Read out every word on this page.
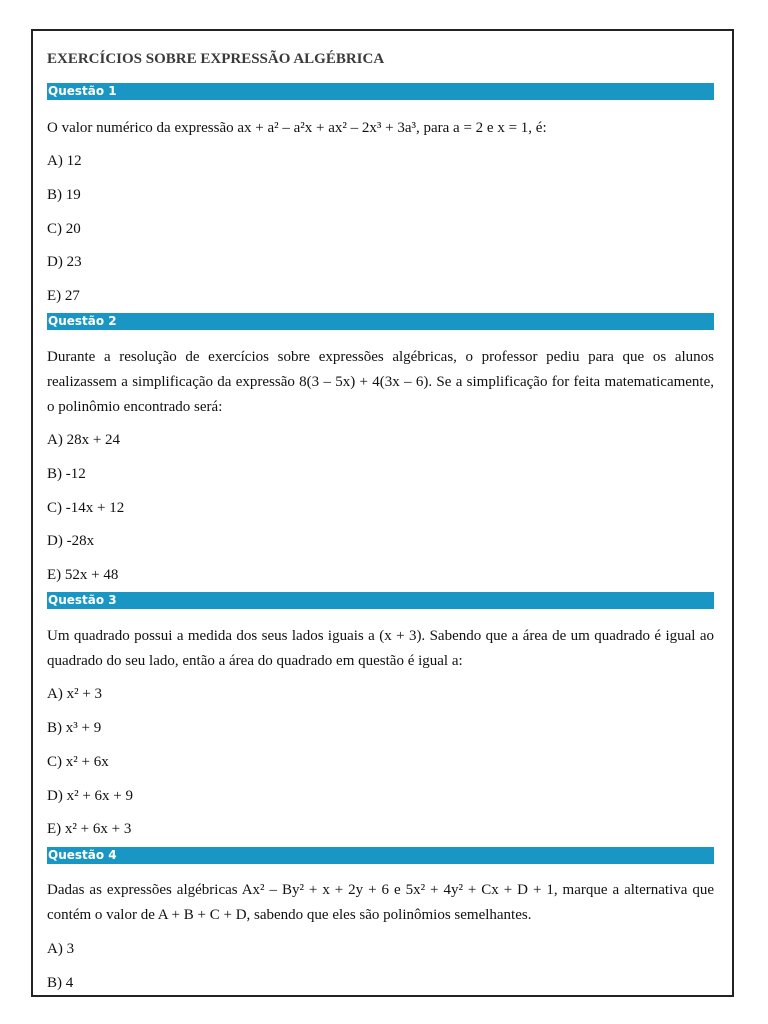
EXERCÍCIOS SOBRE EXPRESSÃO ALGÉBRICA
Questão 1
O valor numérico da expressão ax + a² – a²x + ax² – 2x³ + 3a³, para a = 2 e x = 1, é:
A) 12
B) 19
C) 20
D) 23
E) 27
Questão 2
Durante a resolução de exercícios sobre expressões algébricas, o professor pediu para que os alunos realizassem a simplificação da expressão 8(3 – 5x) + 4(3x – 6). Se a simplificação for feita matematicamente, o polinômio encontrado será:
A) 28x + 24
B) -12
C) -14x + 12
D) -28x
E) 52x + 48
Questão 3
Um quadrado possui a medida dos seus lados iguais a (x + 3). Sabendo que a área de um quadrado é igual ao quadrado do seu lado, então a área do quadrado em questão é igual a:
A) x² + 3
B) x³ + 9
C) x² + 6x
D) x² + 6x + 9
E) x² + 6x + 3
Questão 4
Dadas as expressões algébricas Ax² – By² + x + 2y + 6 e 5x² + 4y² + Cx + D + 1, marque a alternativa que contém o valor de A + B + C + D, sabendo que eles são polinômios semelhantes.
A) 3
B) 4
